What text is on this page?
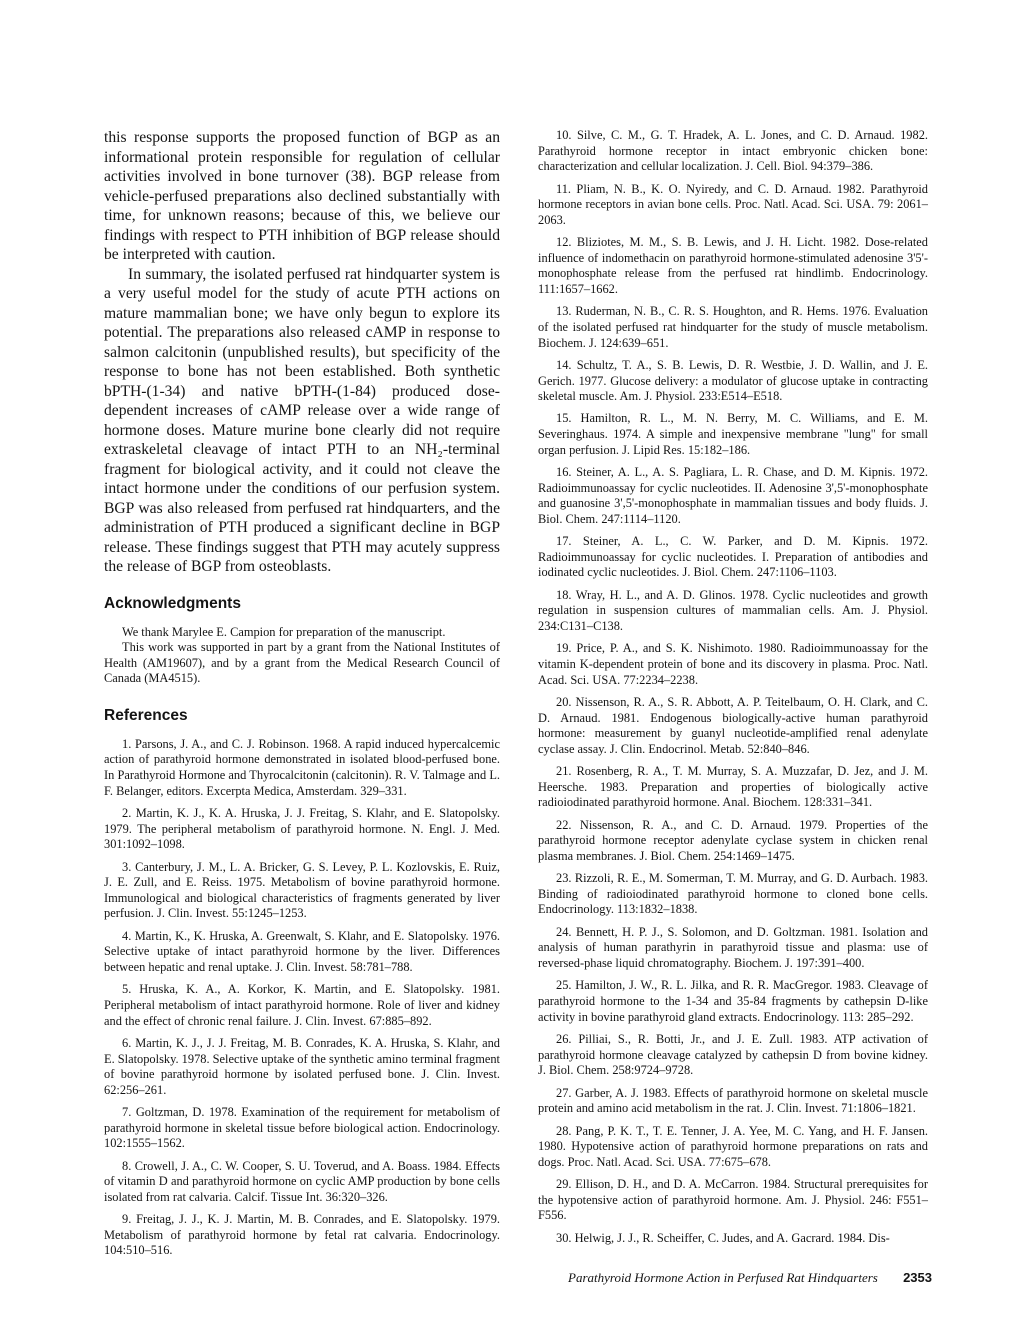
this response supports the proposed function of BGP as an informational protein responsible for regulation of cellular activities involved in bone turnover (38). BGP release from vehicle-perfused preparations also declined substantially with time, for unknown reasons; because of this, we believe our findings with respect to PTH inhibition of BGP release should be interpreted with caution.

In summary, the isolated perfused rat hindquarter system is a very useful model for the study of acute PTH actions on mature mammalian bone; we have only begun to explore its potential. The preparations also released cAMP in response to salmon calcitonin (unpublished results), but specificity of the response to bone has not been established. Both synthetic bPTH-(1-34) and native bPTH-(1-84) produced dose-dependent increases of cAMP release over a wide range of hormone doses. Mature murine bone clearly did not require extraskeletal cleavage of intact PTH to an NH₂-terminal fragment for biological activity, and it could not cleave the intact hormone under the conditions of our perfusion system. BGP was also released from perfused rat hindquarters, and the administration of PTH produced a significant decline in BGP release. These findings suggest that PTH may acutely suppress the release of BGP from osteoblasts.

Acknowledgments

We thank Marylee E. Campion for preparation of the manuscript.

This work was supported in part by a grant from the National Institutes of Health (AM19607), and by a grant from the Medical Research Council of Canada (MA4515).

References

1. Parsons, J. A., and C. J. Robinson. 1968. A rapid induced hypercalcemic action of parathyroid hormone demonstrated in isolated blood-perfused bone. In Parathyroid Hormone and Thyrocalcitonin (calcitonin). R. V. Talmage and L. F. Belanger, editors. Excerpta Medica, Amsterdam. 329–331.

2. Martin, K. J., K. A. Hruska, J. J. Freitag, S. Klahr, and E. Slatopolsky. 1979. The peripheral metabolism of parathyroid hormone. N. Engl. J. Med. 301:1092–1098.

3. Canterbury, J. M., L. A. Bricker, G. S. Levey, P. L. Kozlovskis, E. Ruiz, J. E. Zull, and E. Reiss. 1975. Metabolism of bovine parathyroid hormone. Immunological and biological characteristics of fragments generated by liver perfusion. J. Clin. Invest. 55:1245–1253.

4. Martin, K., K. Hruska, A. Greenwalt, S. Klahr, and E. Slatopolsky. 1976. Selective uptake of intact parathyroid hormone by the liver. Differences between hepatic and renal uptake. J. Clin. Invest. 58:781–788.

5. Hruska, K. A., A. Korkor, K. Martin, and E. Slatopolsky. 1981. Peripheral metabolism of intact parathyroid hormone. Role of liver and kidney and the effect of chronic renal failure. J. Clin. Invest. 67:885–892.

6. Martin, K. J., J. J. Freitag, M. B. Conrades, K. A. Hruska, S. Klahr, and E. Slatopolsky. 1978. Selective uptake of the synthetic amino terminal fragment of bovine parathyroid hormone by isolated perfused bone. J. Clin. Invest. 62:256–261.

7. Goltzman, D. 1978. Examination of the requirement for metabolism of parathyroid hormone in skeletal tissue before biological action. Endocrinology. 102:1555–1562.

8. Crowell, J. A., C. W. Cooper, S. U. Toverud, and A. Boass. 1984. Effects of vitamin D and parathyroid hormone on cyclic AMP production by bone cells isolated from rat calvaria. Calcif. Tissue Int. 36:320–326.

9. Freitag, J. J., K. J. Martin, M. B. Conrades, and E. Slatopolsky. 1979. Metabolism of parathyroid hormone by fetal rat calvaria. Endocrinology. 104:510–516.

10. Silve, C. M., G. T. Hradek, A. L. Jones, and C. D. Arnaud. 1982. Parathyroid hormone receptor in intact embryonic chicken bone: characterization and cellular localization. J. Cell. Biol. 94:379–386.

11. Pliam, N. B., K. O. Nyiredy, and C. D. Arnaud. 1982. Parathyroid hormone receptors in avian bone cells. Proc. Natl. Acad. Sci. USA. 79: 2061–2063.

12. Bliziotes, M. M., S. B. Lewis, and J. H. Licht. 1982. Dose-related influence of indomethacin on parathyroid hormone-stimulated adenosine 3'5'-monophosphate release from the perfused rat hindlimb. Endocrinology. 111:1657–1662.

13. Ruderman, N. B., C. R. S. Houghton, and R. Hems. 1976. Evaluation of the isolated perfused rat hindquarter for the study of muscle metabolism. Biochem. J. 124:639–651.

14. Schultz, T. A., S. B. Lewis, D. R. Westbie, J. D. Wallin, and J. E. Gerich. 1977. Glucose delivery: a modulator of glucose uptake in contracting skeletal muscle. Am. J. Physiol. 233:E514–E518.

15. Hamilton, R. L., M. N. Berry, M. C. Williams, and E. M. Severinghaus. 1974. A simple and inexpensive membrane "lung" for small organ perfusion. J. Lipid Res. 15:182–186.

16. Steiner, A. L., A. S. Pagliara, L. R. Chase, and D. M. Kipnis. 1972. Radioimmunoassay for cyclic nucleotides. II. Adenosine 3',5'-monophosphate and guanosine 3',5'-monophosphate in mammalian tissues and body fluids. J. Biol. Chem. 247:1114–1120.

17. Steiner, A. L., C. W. Parker, and D. M. Kipnis. 1972. Radioimmunoassay for cyclic nucleotides. I. Preparation of antibodies and iodinated cyclic nucleotides. J. Biol. Chem. 247:1106–1103.

18. Wray, H. L., and A. D. Glinos. 1978. Cyclic nucleotides and growth regulation in suspension cultures of mammalian cells. Am. J. Physiol. 234:C131–C138.

19. Price, P. A., and S. K. Nishimoto. 1980. Radioimmunoassay for the vitamin K-dependent protein of bone and its discovery in plasma. Proc. Natl. Acad. Sci. USA. 77:2234–2238.

20. Nissenson, R. A., S. R. Abbott, A. P. Teitelbaum, O. H. Clark, and C. D. Arnaud. 1981. Endogenous biologically-active human parathyroid hormone: measurement by guanyl nucleotide-amplified renal adenylate cyclase assay. J. Clin. Endocrinol. Metab. 52:840–846.

21. Rosenberg, R. A., T. M. Murray, S. A. Muzzafar, D. Jez, and J. M. Heersche. 1983. Preparation and properties of biologically active radioiodinated parathyroid hormone. Anal. Biochem. 128:331–341.

22. Nissenson, R. A., and C. D. Arnaud. 1979. Properties of the parathyroid hormone receptor adenylate cyclase system in chicken renal plasma membranes. J. Biol. Chem. 254:1469–1475.

23. Rizzoli, R. E., M. Somerman, T. M. Murray, and G. D. Aurbach. 1983. Binding of radioiodinated parathyroid hormone to cloned bone cells. Endocrinology. 113:1832–1838.

24. Bennett, H. P. J., S. Solomon, and D. Goltzman. 1981. Isolation and analysis of human parathyrin in parathyroid tissue and plasma: use of reversed-phase liquid chromatography. Biochem. J. 197:391–400.

25. Hamilton, J. W., R. L. Jilka, and R. R. MacGregor. 1983. Cleavage of parathyroid hormone to the 1-34 and 35-84 fragments by cathepsin D-like activity in bovine parathyroid gland extracts. Endocrinology. 113: 285–292.

26. Pilliai, S., R. Botti, Jr., and J. E. Zull. 1983. ATP activation of parathyroid hormone cleavage catalyzed by cathepsin D from bovine kidney. J. Biol. Chem. 258:9724–9728.

27. Garber, A. J. 1983. Effects of parathyroid hormone on skeletal muscle protein and amino acid metabolism in the rat. J. Clin. Invest. 71:1806–1821.

28. Pang, P. K. T., T. E. Tenner, J. A. Yee, M. C. Yang, and H. F. Jansen. 1980. Hypotensive action of parathyroid hormone preparations on rats and dogs. Proc. Natl. Acad. Sci. USA. 77:675–678.

29. Ellison, D. H., and D. A. McCarron. 1984. Structural prerequisites for the hypotensive action of parathyroid hormone. Am. J. Physiol. 246: F551–F556.

30. Helwig, J. J., R. Scheiffer, C. Judes, and A. Gacrard. 1984. Dis-

Parathyroid Hormone Action in Perfused Rat Hindquarters 2353
